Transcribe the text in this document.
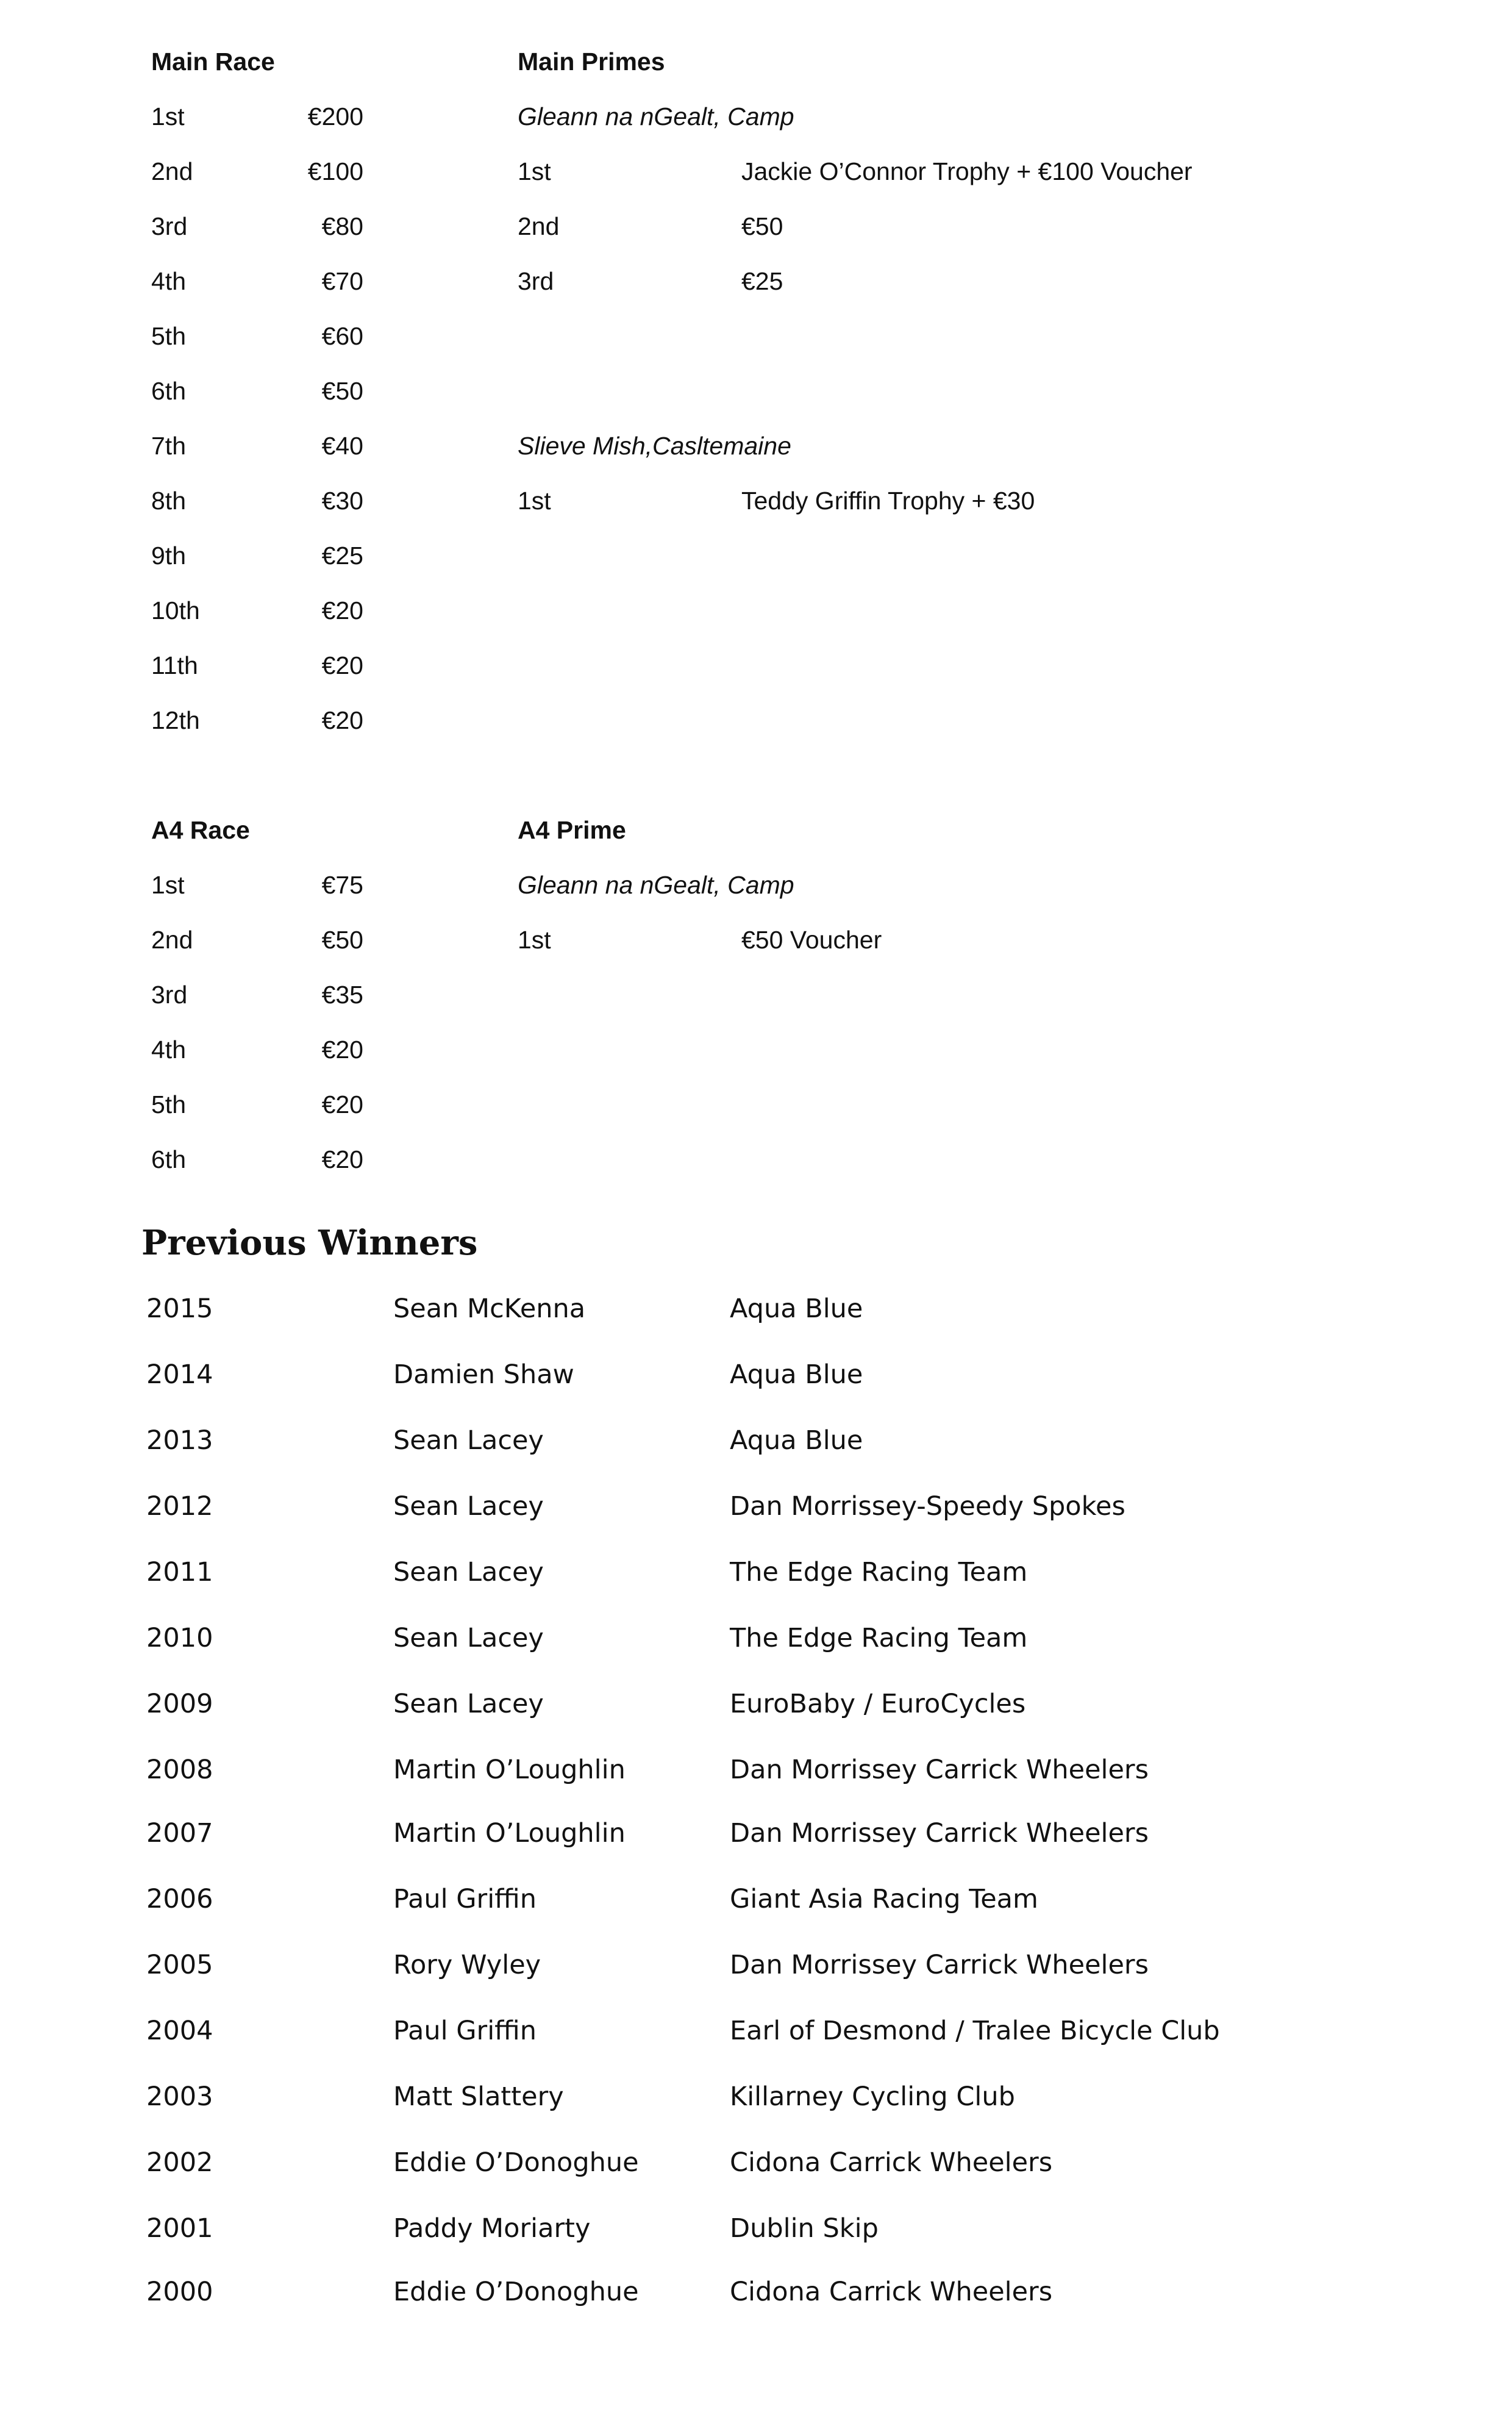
Main Race
1st	€200
2nd	€100
3rd	€80
4th	€70
5th	€60
6th	€50
7th	€40
8th	€30
9th	€25
10th	€20
11th	€20
12th	€20
Main Primes
Gleann na nGealt, Camp
1st	Jackie O’Connor Trophy + €100 Voucher
2nd	€50
3rd	€25
Slieve Mish,Casltemaine
1st	Teddy Griffin Trophy + €30
A4 Race
1st	€75
2nd	€50
3rd	€35
4th	€20
5th	€20
6th	€20
A4 Prime
Gleann na nGealt, Camp
1st	€50 Voucher
Previous Winners
2015	Sean McKenna	Aqua Blue
2014	Damien Shaw	Aqua Blue
2013	Sean Lacey	Aqua Blue
2012	Sean Lacey	Dan Morrissey-Speedy Spokes
2011	Sean Lacey	The Edge Racing Team
2010	Sean Lacey	The Edge Racing Team
2009	Sean Lacey	EuroBaby / EuroCycles
2008	Martin O’Loughlin	Dan Morrissey Carrick Wheelers
2007	Martin O’Loughlin	Dan Morrissey Carrick Wheelers
2006	Paul Griffin	Giant Asia Racing Team
2005	Rory Wyley	Dan Morrissey Carrick Wheelers
2004	Paul Griffin	Earl of Desmond / Tralee Bicycle Club
2003	Matt Slattery	Killarney Cycling Club
2002	Eddie O’Donoghue	Cidona Carrick Wheelers
2001	Paddy Moriarty	Dublin Skip
2000	Eddie O’Donoghue	Cidona Carrick Wheelers
